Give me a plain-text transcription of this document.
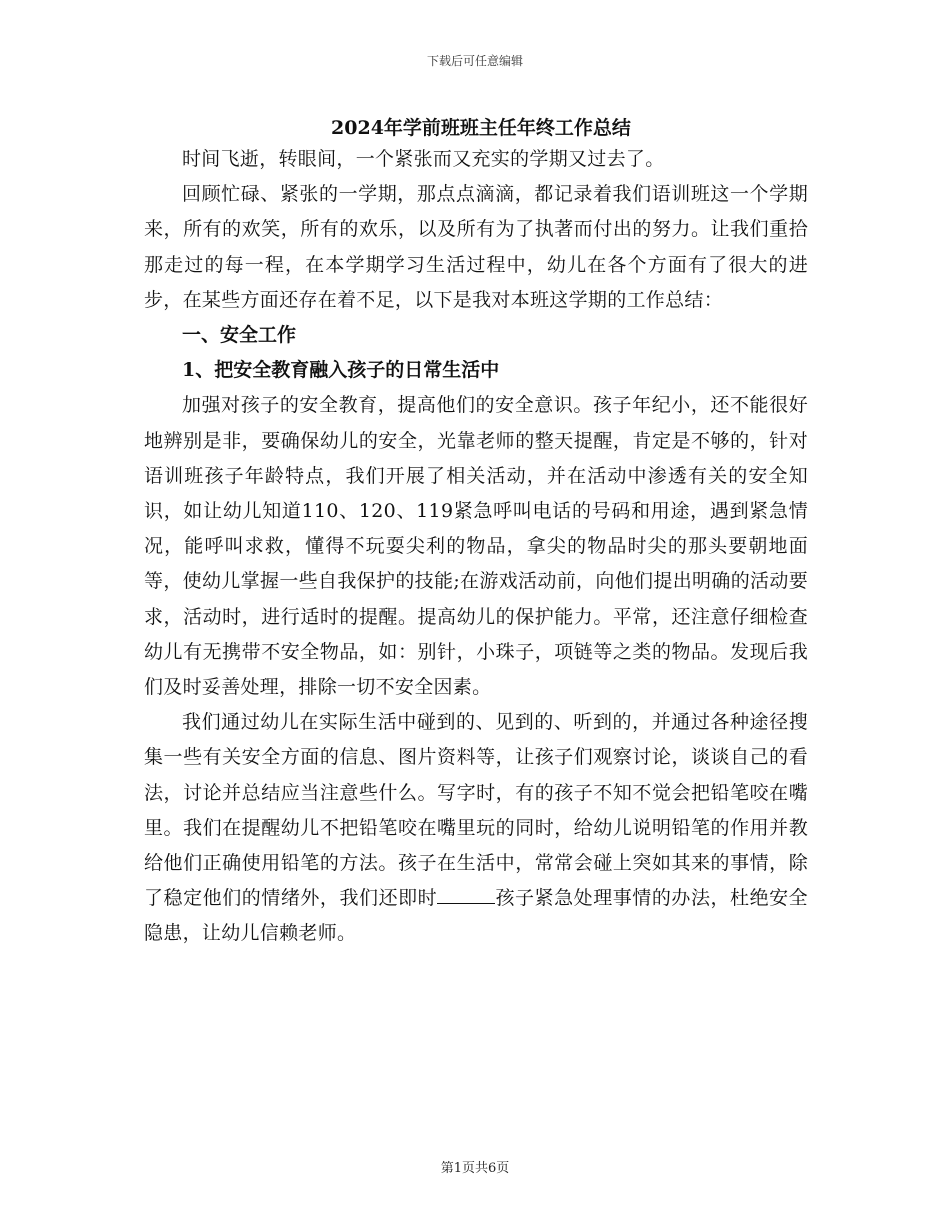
下载后可任意编辑
2024年学前班班主任年终工作总结

时间飞逝，转眼间，一个紧张而又充实的学期又过去了。

回顾忙碌、紧张的一学期，那点点滴滴，都记录着我们语训班这一个学期来，所有的欢笑，所有的欢乐，以及所有为了执著而付出的努力。让我们重拾那走过的每一程，在本学期学习生活过程中，幼儿在各个方面有了很大的进步，在某些方面还存在着不足，以下是我对本班这学期的工作总结：

一、安全工作

1、把安全教育融入孩子的日常生活中

加强对孩子的安全教育，提高他们的安全意识。孩子年纪小，还不能很好地辨别是非，要确保幼儿的安全，光靠老师的整天提醒，肯定是不够的，针对语训班孩子年龄特点，我们开展了相关活动，并在活动中渗透有关的安全知识，如让幼儿知道110、120、119紧急呼叫电话的号码和用途，遇到紧急情况，能呼叫求救，懂得不玩耍尖利的物品，拿尖的物品时尖的那头要朝地面等，使幼儿掌握一些自我保护的技能;在游戏活动前，向他们提出明确的活动要求，活动时，进行适时的提醒。提高幼儿的保护能力。平常，还注意仔细检查幼儿有无携带不安全物品，如：别针，小珠子，项链等之类的物品。发现后我们及时妥善处理，排除一切不安全因素。

我们通过幼儿在实际生活中碰到的、见到的、听到的，并通过各种途径搜集一些有关安全方面的信息、图片资料等，让孩子们观察讨论，谈谈自己的看法，讨论并总结应当注意些什么。写字时，有的孩子不知不觉会把铅笔咬在嘴里。我们在提醒幼儿不把铅笔咬在嘴里玩的同时，给幼儿说明铅笔的作用并教给他们正确使用铅笔的方法。孩子在生活中，常常会碰上突如其来的事情，除了稳定他们的情绪外，我们还即时	孩子紧急处理事情的办法，杜绝安全隐患，让幼儿信赖老师。

第1页共6页
